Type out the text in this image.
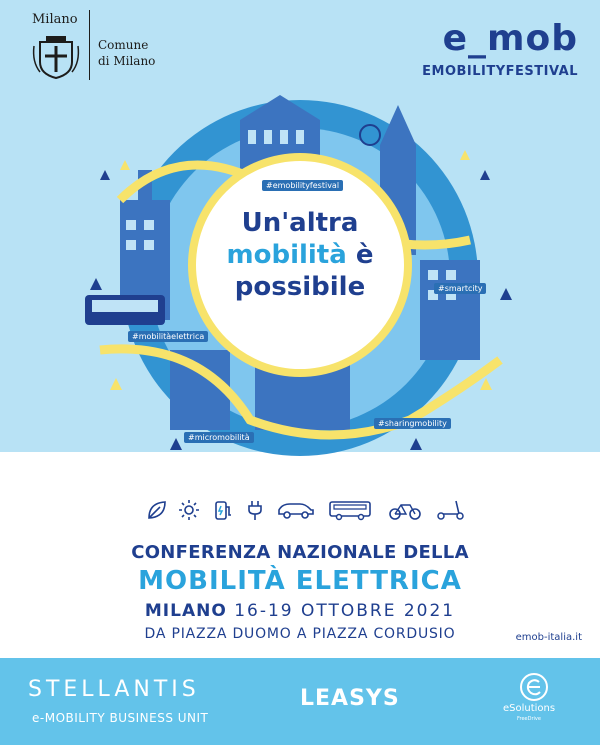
Milano
Comune
di Milano
e_mob
EMOBILITYFESTIVAL
#emobilityfestival
#smartcity
#mobilitàelettrica
#micromobilità
#sharingmobility
Un'altra
mobilità è
possibile
CONFERENZA NAZIONALE DELLA
MOBILITÀ ELETTRICA
MILANO 16-19 OTTOBRE 2021
DA PIAZZA DUOMO A PIAZZA CORDUSIO	emob-italia.it
STELLANTIS
e-MOBILITY BUSINESS UNIT
LEASYS	eSolutions
FreeDrive
